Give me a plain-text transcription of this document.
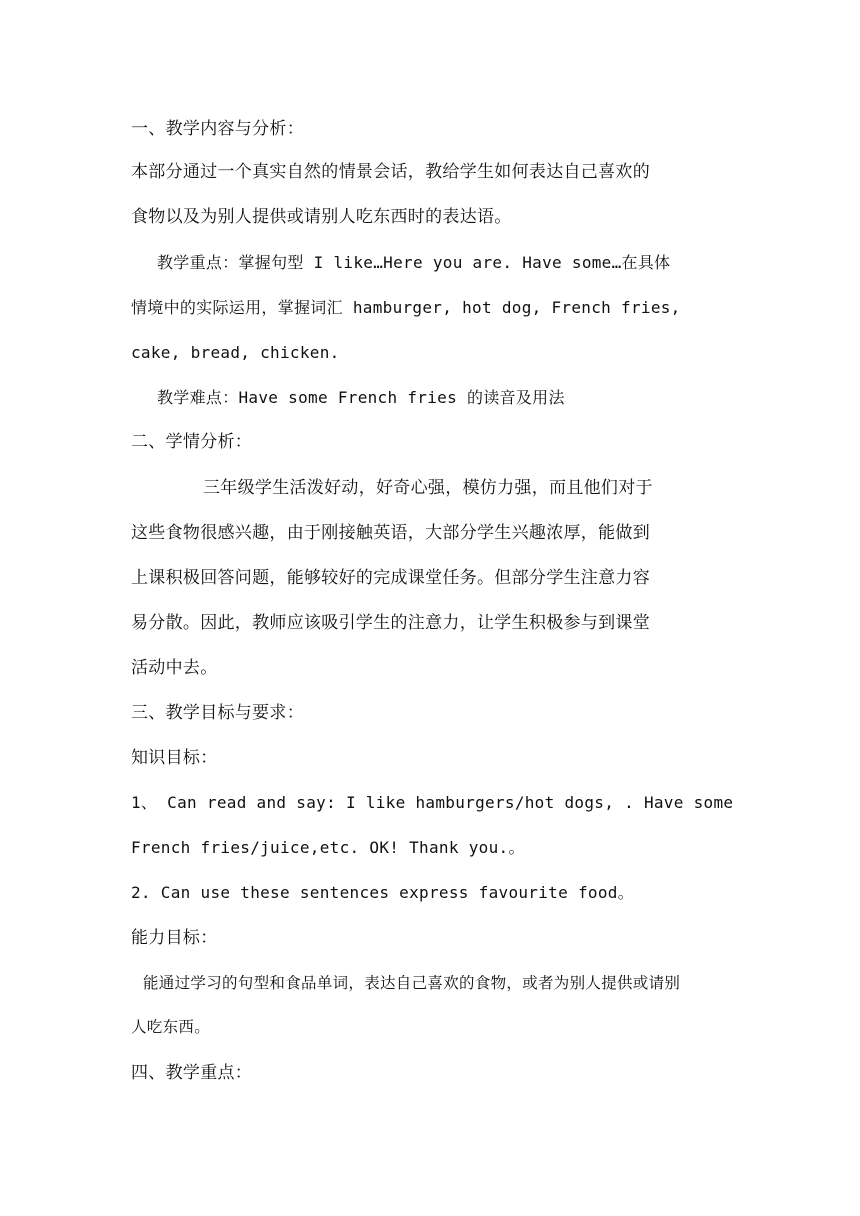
一、教学内容与分析：
本部分通过一个真实自然的情景会话，教给学生如何表达自己喜欢的
食物以及为别人提供或请别人吃东西时的表达语。
教学重点：掌握句型 I like…Here you are. Have some…在具体
情境中的实际运用，掌握词汇 hamburger, hot dog, French fries,
cake, bread, chicken.
教学难点：Have some French fries 的读音及用法
二、学情分析：
三年级学生活泼好动，好奇心强，模仿力强，而且他们对于
这些食物很感兴趣，由于刚接触英语，大部分学生兴趣浓厚，能做到
上课积极回答问题，能够较好的完成课堂任务。但部分学生注意力容
易分散。因此，教师应该吸引学生的注意力，让学生积极参与到课堂
活动中去。
三、教学目标与要求：
知识目标：
1、 Can read and say: I like hamburgers/hot dogs, . Have some
French fries/juice,etc. OK! Thank you.。
2. Can use these sentences express favourite food。
能力目标：
能通过学习的句型和食品单词，表达自己喜欢的食物，或者为别人提供或请别
人吃东西。
四、教学重点：
